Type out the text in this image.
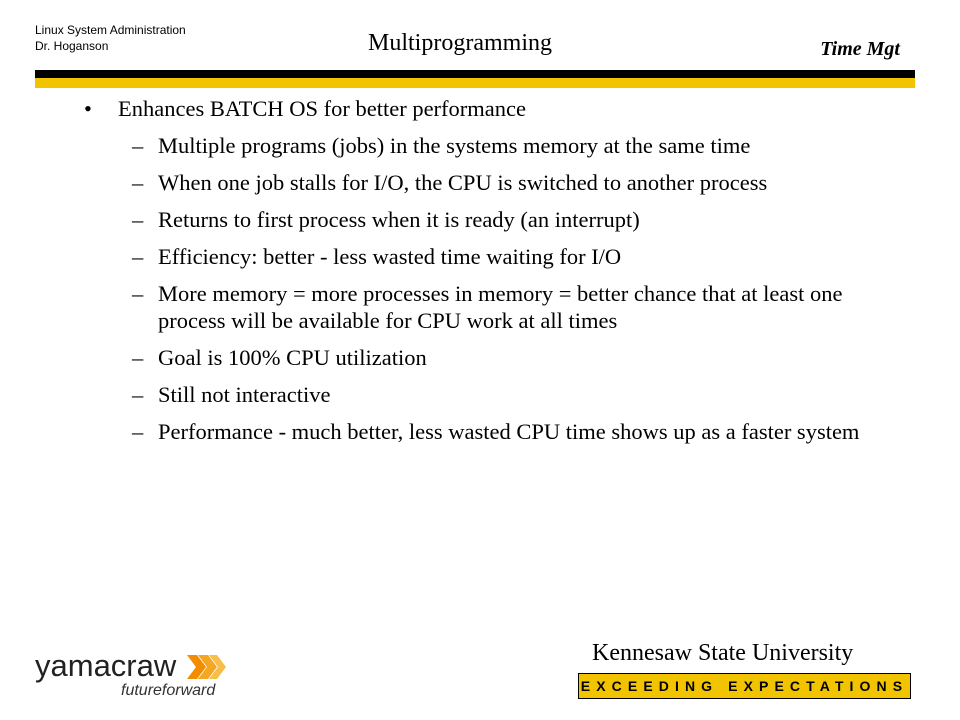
Linux System Administration
Dr. Hoganson	Multiprogramming	Time Mgt
• Enhances BATCH OS for better performance
– Multiple programs (jobs) in the systems memory at the same time
– When one job stalls for I/O, the CPU is switched to another process
– Returns to first process when it is ready (an interrupt)
– Efficiency: better - less wasted time waiting for I/O
– More memory = more processes in memory = better chance that at least one process will be available for CPU work at all times
– Goal is 100% CPU utilization
– Still not interactive
– Performance - much better, less wasted CPU time shows up as a faster system
yamacraw
futureforward
Kennesaw State University
EXCEEDING EXPECTATIONS
